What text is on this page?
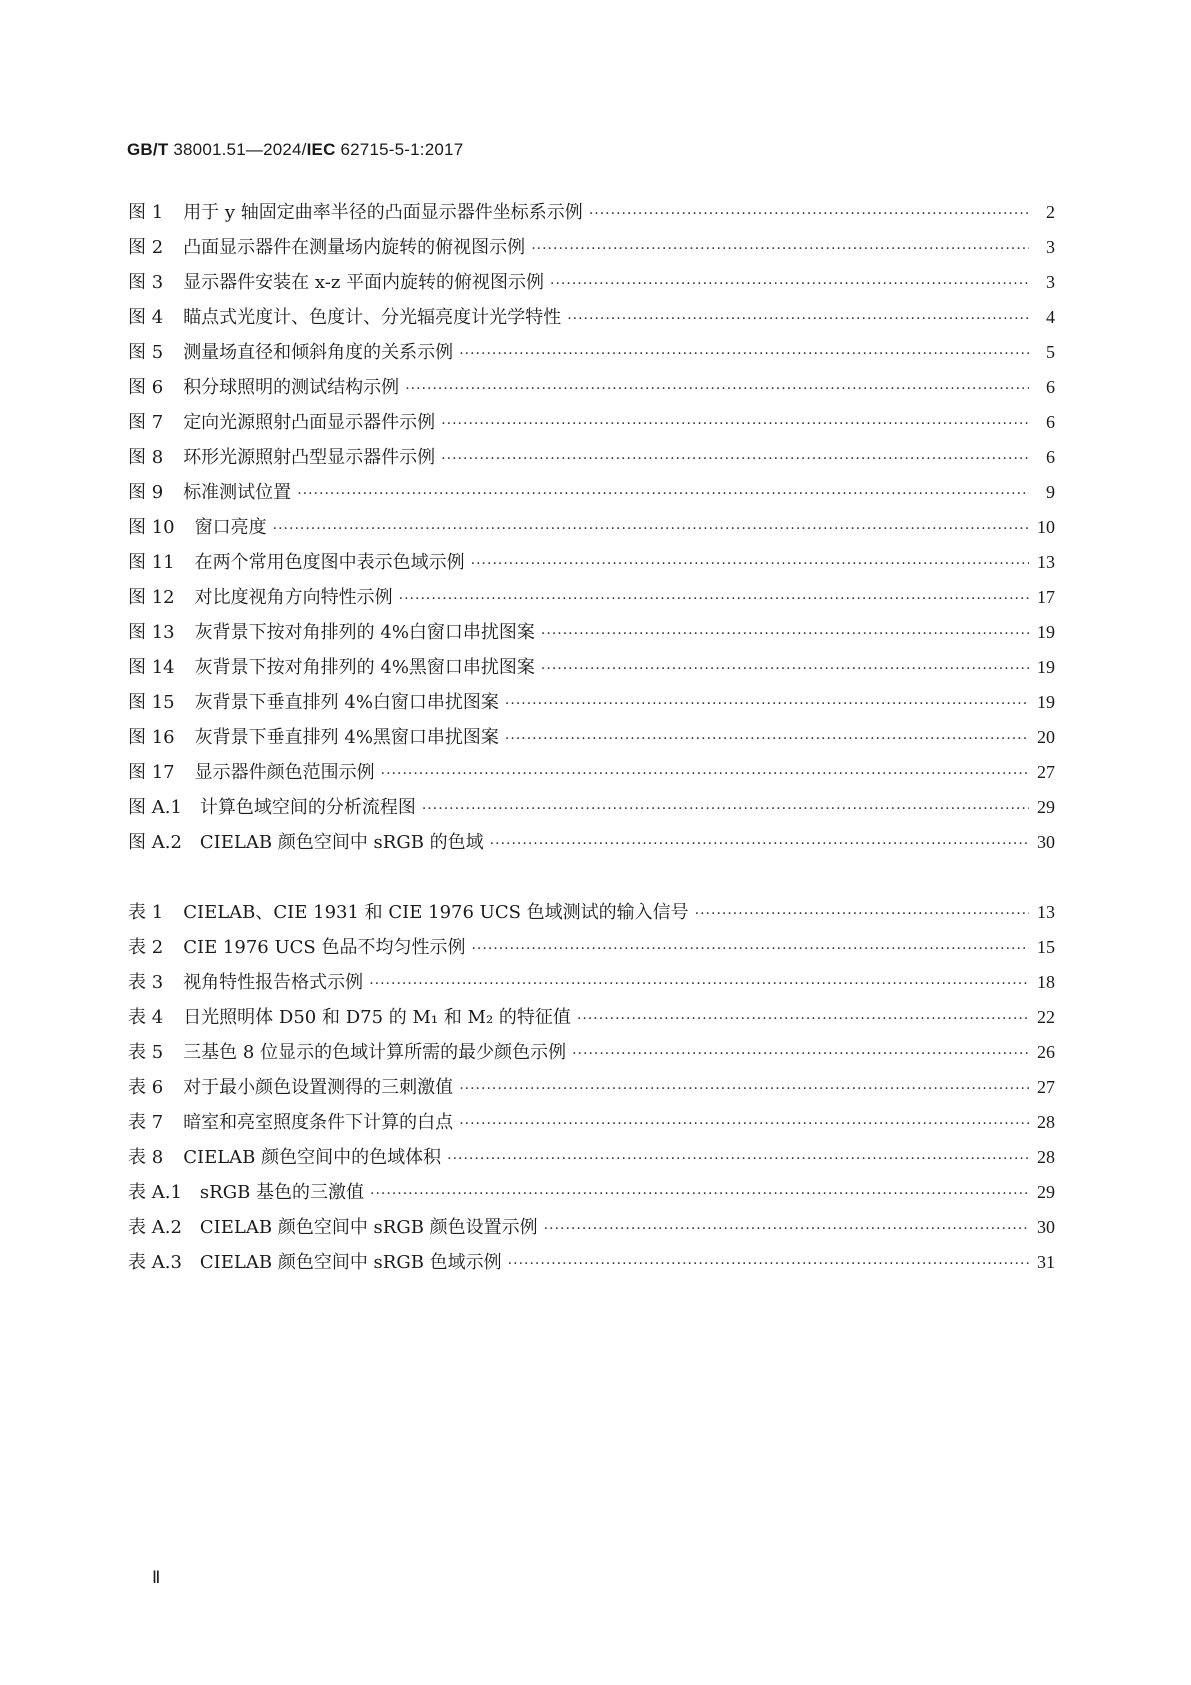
GB/T 38001.51—2024/IEC 62715-5-1:2017
图 1 用于 y 轴固定曲率半径的凸面显示器件坐标系示例 ·····	2
图 2 凸面显示器件在测量场内旋转的俯视图示例 ·····	3
图 3 显示器件安装在 x-z 平面内旋转的俯视图示例 ·····	3
图 4 瞄点式光度计、色度计、分光辐亮度计光学特性 ·····	4
图 5 测量场直径和倾斜角度的关系示例 ·····	5
图 6 积分球照明的测试结构示例 ·····	6
图 7 定向光源照射凸面显示器件示例 ·····	6
图 8 环形光源照射凸型显示器件示例 ·····	6
图 9 标准测试位置 ·····	9
图 10 窗口亮度 ·····	10
图 11 在两个常用色度图中表示色域示例 ·····	13
图 12 对比度视角方向特性示例 ·····	17
图 13 灰背景下按对角排列的 4%白窗口串扰图案 ·····	19
图 14 灰背景下按对角排列的 4%黑窗口串扰图案 ·····	19
图 15 灰背景下垂直排列 4%白窗口串扰图案 ·····	19
图 16 灰背景下垂直排列 4%黑窗口串扰图案 ·····	20
图 17 显示器件颜色范围示例 ·····	27
图 A.1 计算色域空间的分析流程图 ·····	29
图 A.2 CIELAB 颜色空间中 sRGB 的色域 ·····	30
表 1 CIELAB、CIE 1931 和 CIE 1976 UCS 色域测试的输入信号 ·····	13
表 2 CIE 1976 UCS 色品不均匀性示例 ·····	15
表 3 视角特性报告格式示例 ·····	18
表 4 日光照明体 D50 和 D75 的 M₁ 和 M₂ 的特征值 ·····	22
表 5 三基色 8 位显示的色域计算所需的最少颜色示例 ·····	26
表 6 对于最小颜色设置测得的三刺激值 ·····	27
表 7 暗室和亮室照度条件下计算的白点 ·····	28
表 8 CIELAB 颜色空间中的色域体积 ·····	28
表 A.1 sRGB 基色的三激值 ·····	29
表 A.2 CIELAB 颜色空间中 sRGB 颜色设置示例 ·····	30
表 A.3 CIELAB 颜色空间中 sRGB 色域示例 ·····	31
Ⅱ
